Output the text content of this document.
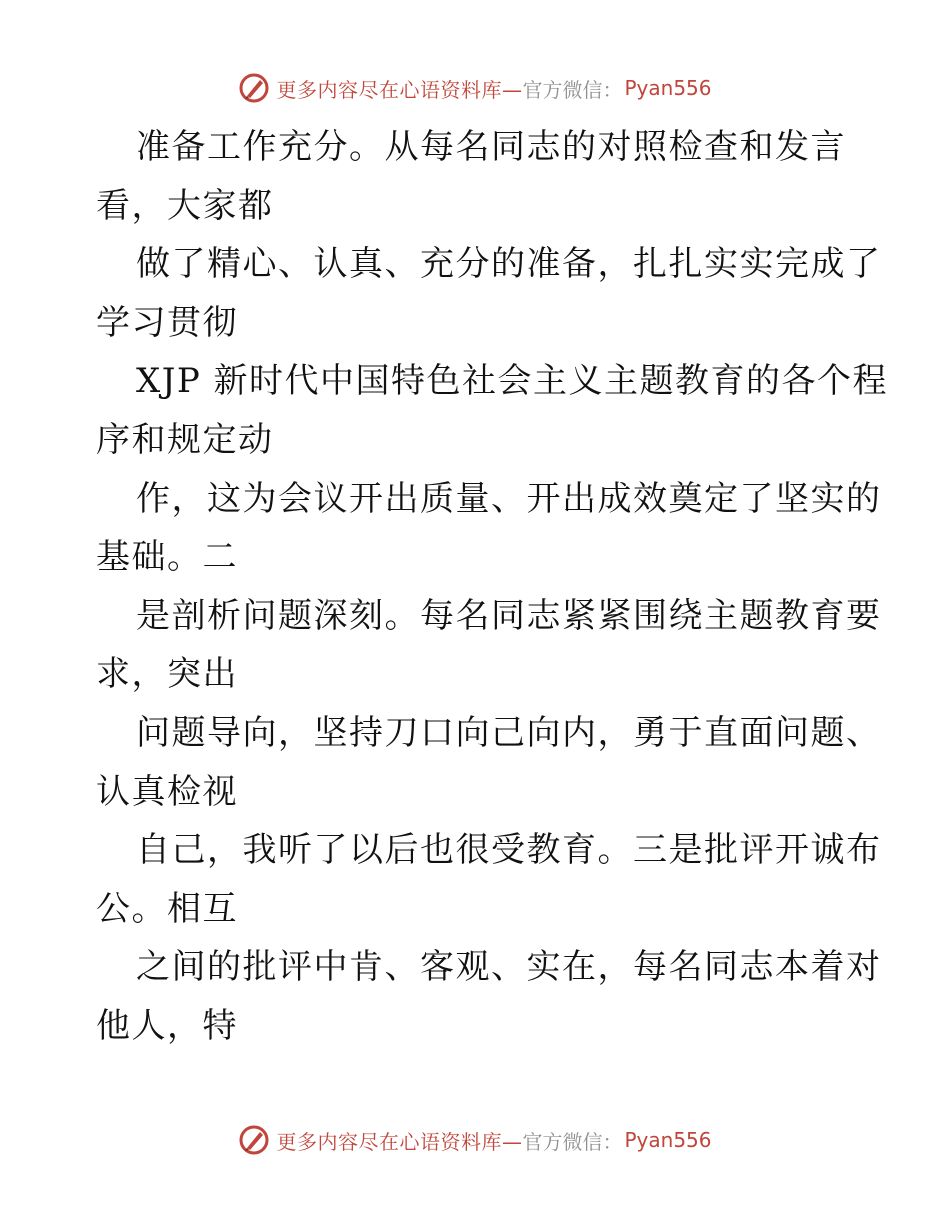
更多内容尽在心语资料库— 官方微信： Pyan556
准备工作充分。从每名同志的对照检查和发言
看，大家都
做了精心、认真、充分的准备，扎扎实实完成了
学习贯彻
XJP 新时代中国特色社会主义主题教育的各个程
序和规定动
作，这为会议开出质量、开出成效奠定了坚实的
基础。二
是剖析问题深刻。每名同志紧紧围绕主题教育要
求，突出
问题导向，坚持刀口向己向内，勇于直面问题、
认真检视
自己，我听了以后也很受教育。三是批评开诚布
公。相互
之间的批评中肯、客观、实在，每名同志本着对
他人，特
更多内容尽在心语资料库— 官方微信： Pyan556
